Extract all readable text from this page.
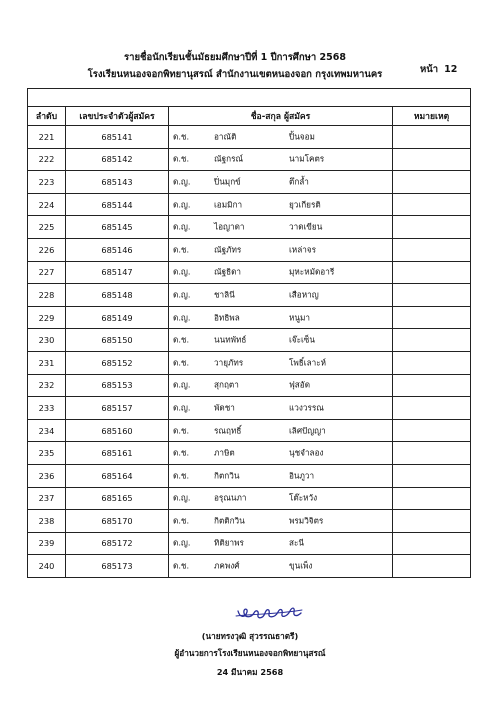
รายชื่อนักเรียนชั้นมัธยมศึกษาปีที่ 1 ปีการศึกษา 2568
โรงเรียนหนองจอกพิทยานุสรณ์ สำนักงานเขตหนองจอก กรุงเทพมหานคร	หน้า 12

ลำดับ	เลขประจำตัวผู้สมัคร	ชื่อ-สกุล ผู้สมัคร	หมายเหตุ
221	685141	ด.ช. อาณัติ ปิ้นจอม	

222	685142	ด.ช. ณัฐกรณ์ นามโคตร	

223	685143	ด.ญ. ปิ่นมุกข์ ตึกล้ำ	

224	685144	ด.ญ. เอมมิกา ยุวเกียรติ	

225	685145	ด.ญ. ไอญาดา วาดเขียน	

226	685146	ด.ช. ณัฐภัทร เหล่าจร	

227	685147	ด.ญ. ณัฐธิดา มุหะหมัดอารี	

228	685148	ด.ญ. ชาลินี เสือหาญ	

229	685149	ด.ญ. อิทธิพล หนูมา	

230	685150	ด.ช. นนทพัทธ์ เจ๊ะเซ็น	

231	685152	ด.ช. วายุภัทร โพธิ์เลาะห์	

232	685153	ด.ญ. สุกฤตา ฟุสอัด	

233	685157	ด.ญ. พัดชา แวงวรรณ	

234	685160	ด.ช. รณฤทธิ์ เลิศปัญญา	

235	685161	ด.ช. ภาษิต นุชจำลอง	

236	685164	ด.ช. กิตกวิน อินภูวา	

237	685165	ด.ญ. อรุณนภา โต๊ะหวัง	

238	685170	ด.ช. กิตติกวิน พรมวิจิตร	

239	685172	ด.ญ. ทิติยาพร สะนี	

240	685173	ด.ช. ภคพงศ์ ขุนเพ็ง	

(นายทรงวุฒิ สุวรรณธาตรี)
ผู้อำนวยการโรงเรียนหนองจอกพิทยานุสรณ์
24 มีนาคม 2568
